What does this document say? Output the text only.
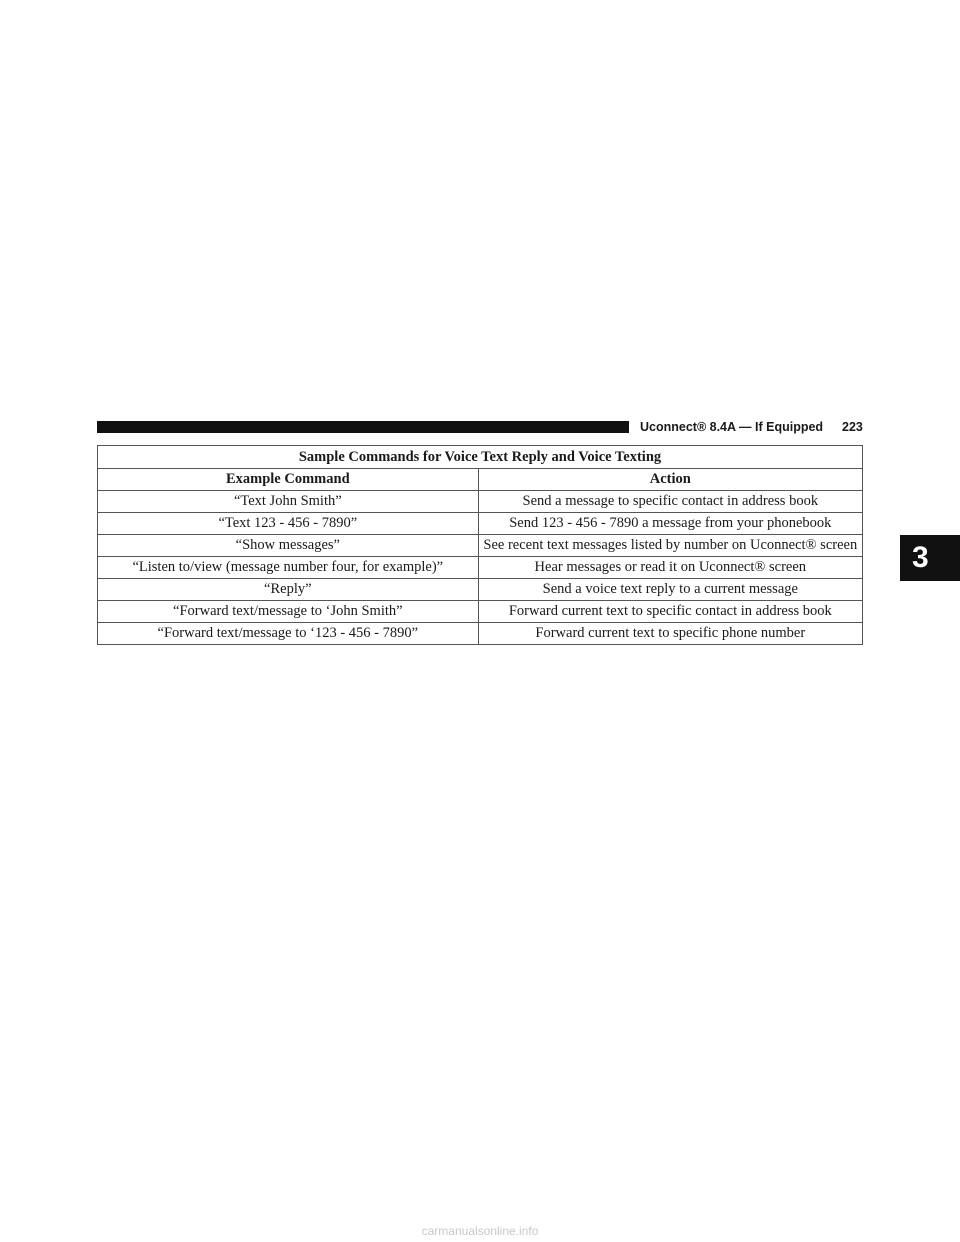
Uconnect® 8.4A — If Equipped 223
3
Sample Commands for Voice Text Reply and Voice Texting	
Example Command	Action
“Text John Smith”	Send a message to specific contact in address book
“Text 123 - 456 - 7890”	Send 123 - 456 - 7890 a message from your phonebook
“Show messages”	See recent text messages listed by number on Uconnect® screen
“Listen to/view (message number four, for example)”	Hear messages or read it on Uconnect® screen
“Reply”	Send a voice text reply to a current message
“Forward text/message to ‘John Smith”	Forward current text to specific contact in address book
“Forward text/message to ‘123 - 456 - 7890”	Forward current text to specific phone number
carmanualsonline.info
